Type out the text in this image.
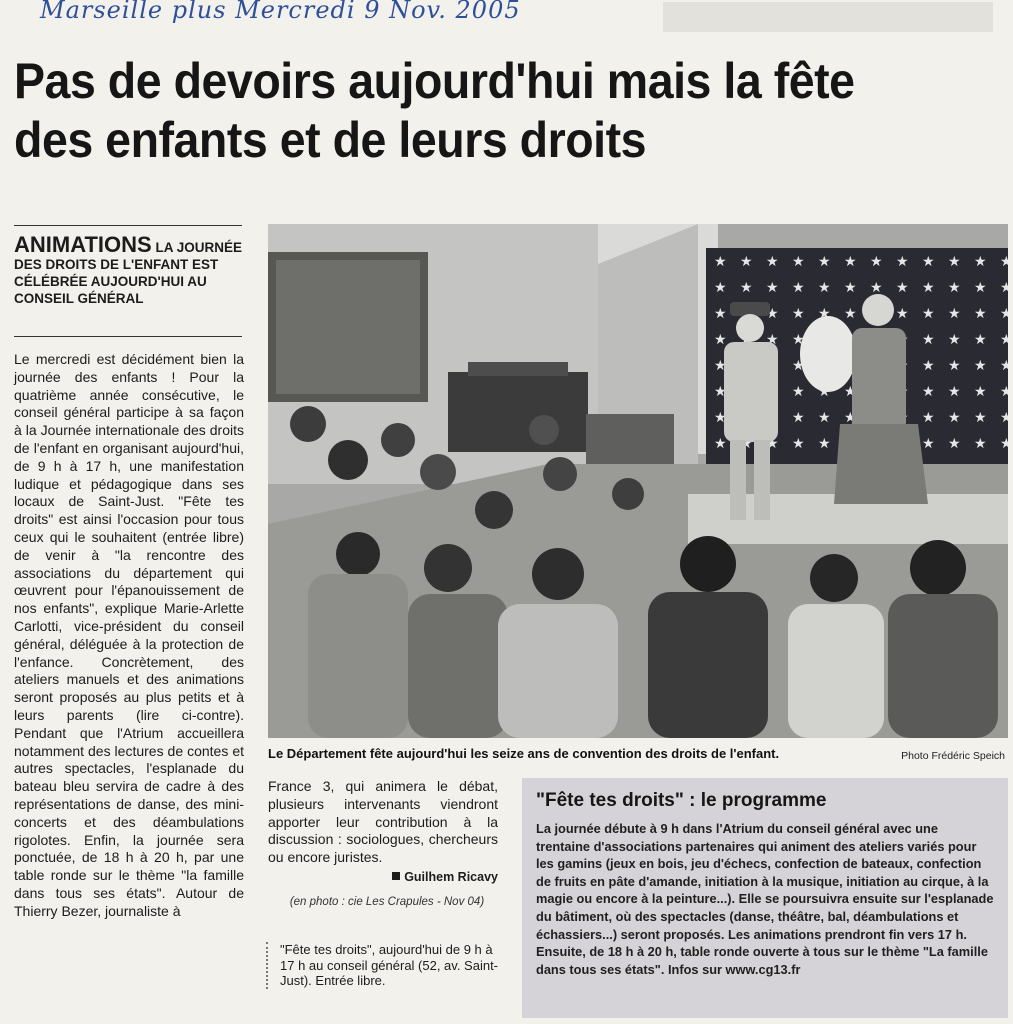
Marseille plus Mercredi 9 Nov. 2005

Pas de devoirs aujourd'hui mais la fête des enfants et de leurs droits

ANIMATIONS LA JOURNÉE DES DROITS DE L'ENFANT EST CÉLÉBRÉE AUJOURD'HUI AU CONSEIL GÉNÉRAL

Le mercredi est décidément bien la journée des enfants ! Pour la quatrième année consécutive, le conseil général participe à sa façon à la Journée internationale des droits de l'enfant en organisant aujourd'hui, de 9 h à 17 h, une manifestation ludique et pédagogique dans ses locaux de Saint-Just. "Fête tes droits" est ainsi l'occasion pour tous ceux qui le souhaitent (entrée libre) de venir à "la rencontre des associations du département qui œuvrent pour l'épanouissement de nos enfants", explique Marie-Arlette Carlotti, vice-président du conseil général, déléguée à la protection de l'enfance. Concrètement, des ateliers manuels et des animations seront proposés au plus petits et à leurs parents (lire ci-contre). Pendant que l'Atrium accueillera notamment des lectures de contes et autres spectacles, l'esplanade du bateau bleu servira de cadre à des représentations de danse, des mini-concerts et des déambulations rigolotes. Enfin, la journée sera ponctuée, de 18 h à 20 h, par une table ronde sur le thème "la famille dans tous ses états". Autour de Thierry Bezer, journaliste à

Le Département fête aujourd'hui les seize ans de convention des droits de l'enfant.	Photo Frédéric Speich

France 3, qui animera le débat, plusieurs intervenants viendront apporter leur contribution à la discussion : sociologues, chercheurs ou encore juristes.

Guilhem Ricavy
(en photo : cie Les Crapules - Nov 04)

"Fête tes droits", aujourd'hui de 9 h à 17 h au conseil général (52, av. Saint-Just). Entrée libre.

"Fête tes droits" : le programme

La journée débute à 9 h dans l'Atrium du conseil général avec une trentaine d'associations partenaires qui animent des ateliers variés pour les gamins (jeux en bois, jeu d'échecs, confection de bateaux, confection de fruits en pâte d'amande, initiation à la musique, initiation au cirque, à la magie ou encore à la peinture...). Elle se poursuivra ensuite sur l'esplanade du bâtiment, où des spectacles (danse, théâtre, bal, déambulations et échassiers...) seront proposés. Les animations prendront fin vers 17 h. Ensuite, de 18 h à 20 h, table ronde ouverte à tous sur le thème "La famille dans tous ses états". Infos sur www.cg13.fr
